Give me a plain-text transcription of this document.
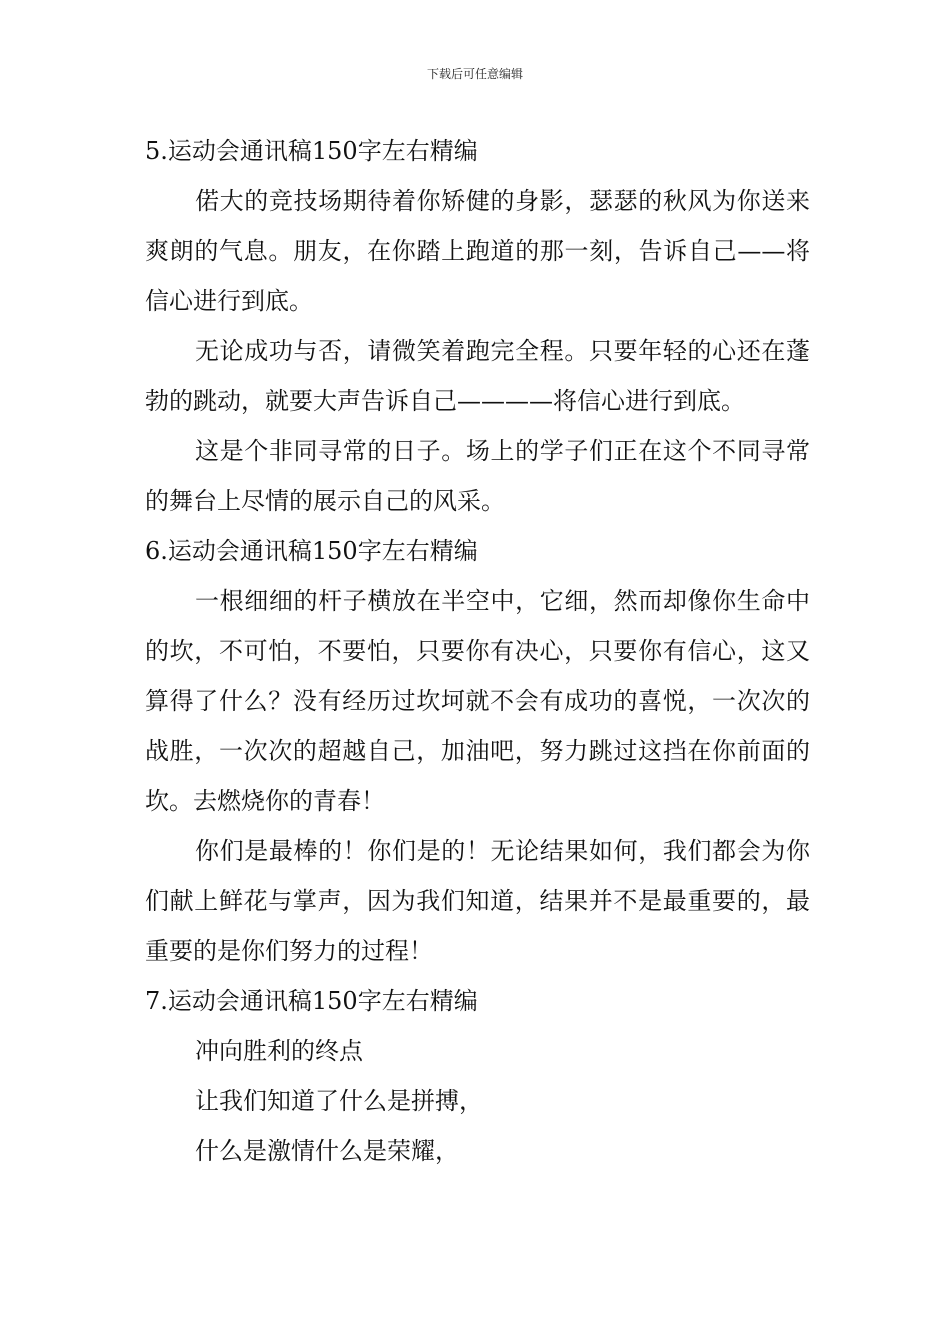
下载后可任意编辑
5.运动会通讯稿150字左右精编

偌大的竞技场期待着你矫健的身影，瑟瑟的秋风为你送来爽朗的气息。朋友，在你踏上跑道的那一刻，告诉自己——将信心进行到底。

无论成功与否，请微笑着跑完全程。只要年轻的心还在蓬勃的跳动，就要大声告诉自己————将信心进行到底。

这是个非同寻常的日子。场上的学子们正在这个不同寻常的舞台上尽情的展示自己的风采。

6.运动会通讯稿150字左右精编

一根细细的杆子横放在半空中，它细，然而却像你生命中的坎，不可怕，不要怕，只要你有决心，只要你有信心，这又算得了什么？没有经历过坎坷就不会有成功的喜悦，一次次的战胜，一次次的超越自己，加油吧，努力跳过这挡在你前面的坎。去燃烧你的青春！

你们是最棒的！你们是的！无论结果如何，我们都会为你们献上鲜花与掌声，因为我们知道，结果并不是最重要的，最重要的是你们努力的过程！

7.运动会通讯稿150字左右精编

冲向胜利的终点

让我们知道了什么是拼搏，

什么是激情什么是荣耀，
